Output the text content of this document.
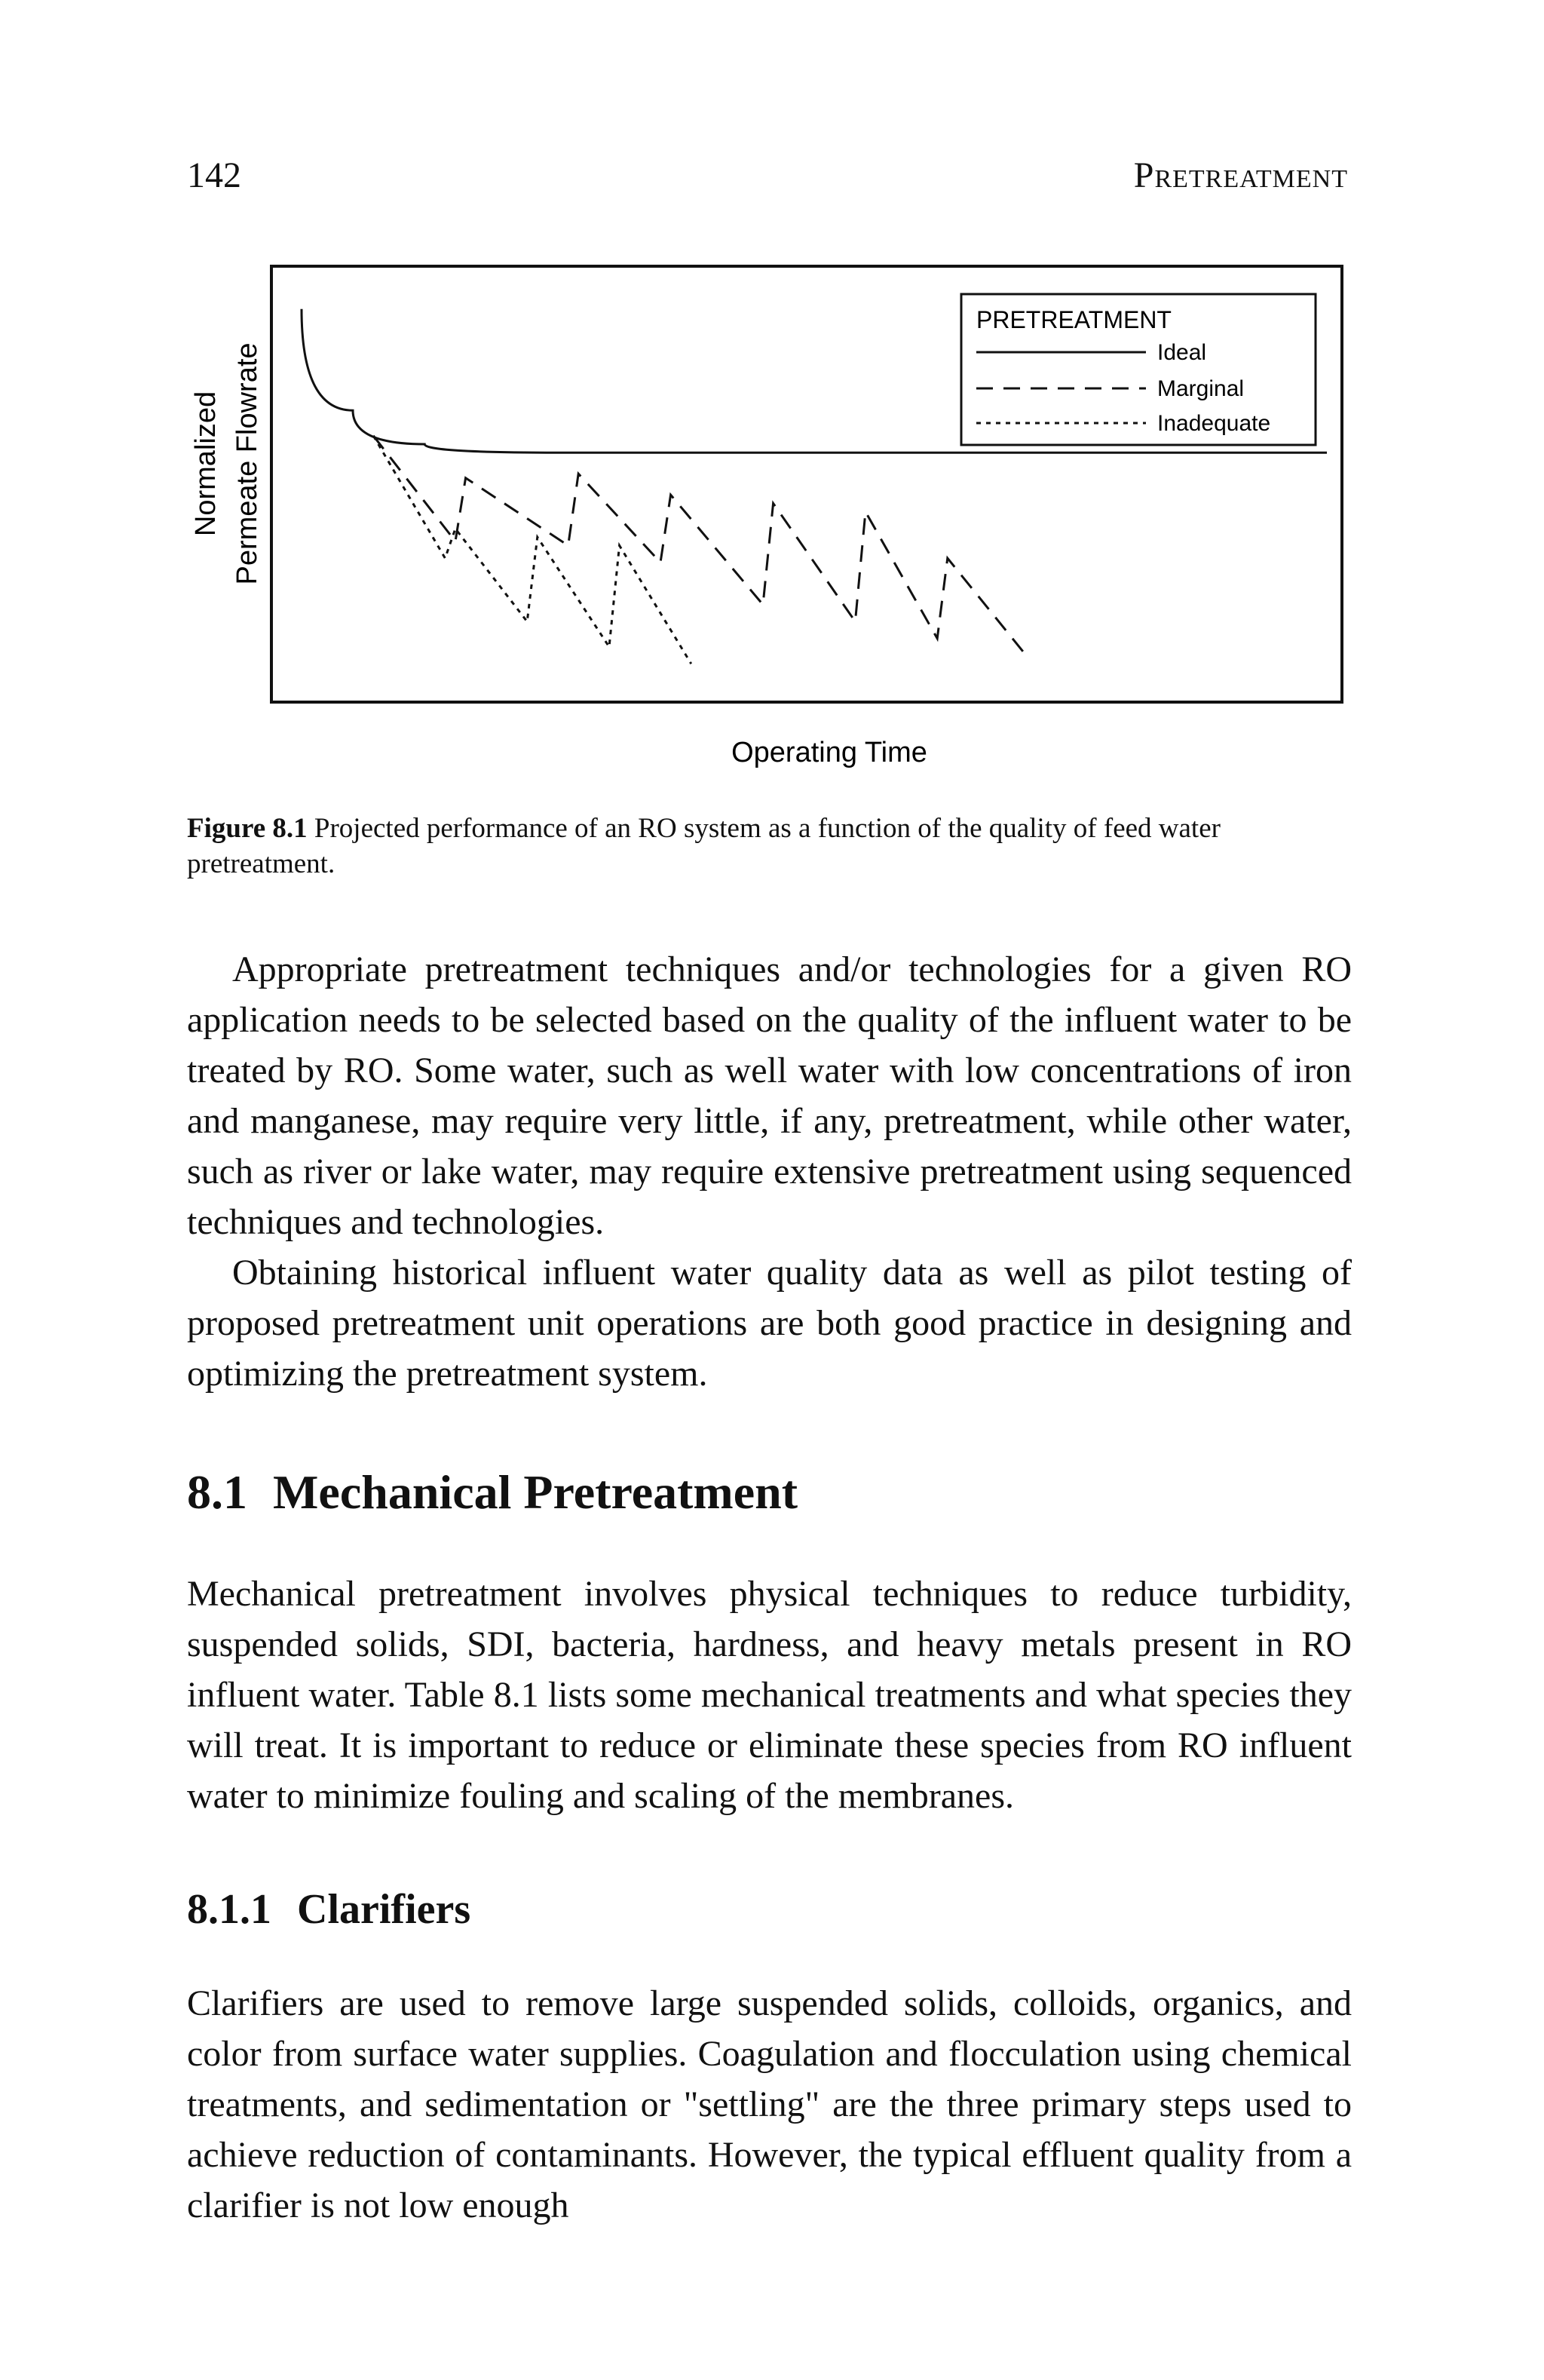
142	Pretreatment
Normalized Permeate Flowrate
PRETREATMENT
Ideal
Marginal
Inadequate
Operating Time
Figure 8.1 Projected performance of an RO system as a function of the quality of feed water pretreatment.

Appropriate pretreatment techniques and/or technologies for a given RO application needs to be selected based on the quality of the influent water to be treated by RO. Some water, such as well water with low concentrations of iron and manganese, may require very little, if any, pretreatment, while other water, such as river or lake water, may require extensive pretreatment using sequenced techniques and technologies.

Obtaining historical influent water quality data as well as pilot testing of proposed pretreatment unit operations are both good practice in designing and optimizing the pretreatment system.

8.1 Mechanical Pretreatment

Mechanical pretreatment involves physical techniques to reduce turbidity, suspended solids, SDI, bacteria, hardness, and heavy metals present in RO influent water. Table 8.1 lists some mechanical treatments and what species they will treat. It is important to reduce or eliminate these species from RO influent water to minimize fouling and scaling of the membranes.

8.1.1 Clarifiers

Clarifiers are used to remove large suspended solids, colloids, organics, and color from surface water supplies. Coagulation and flocculation using chemical treatments, and sedimentation or "settling" are the three primary steps used to achieve reduction of contaminants. However, the typical effluent quality from a clarifier is not low enough
